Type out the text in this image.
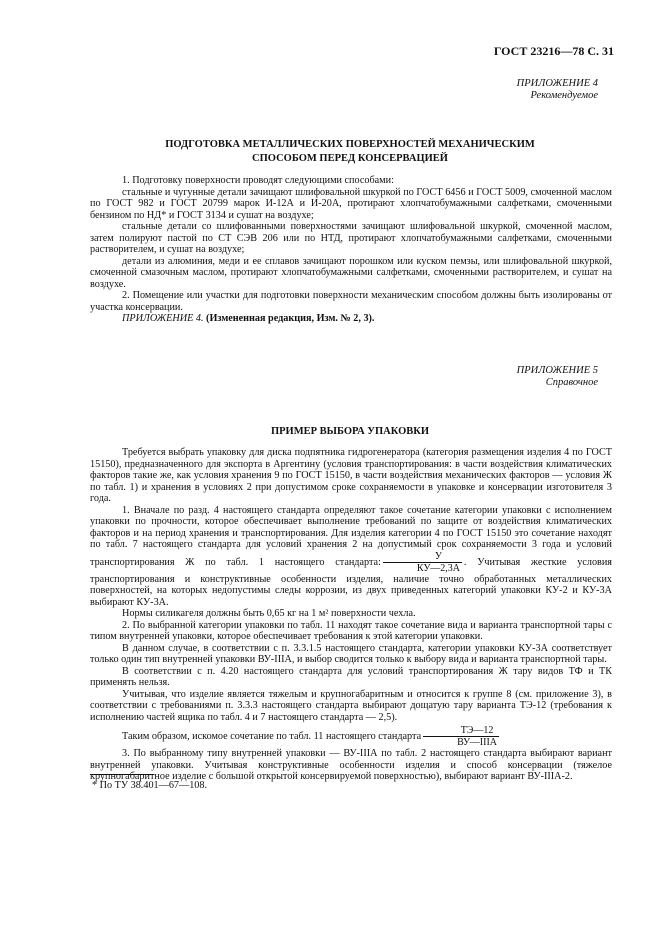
ГОСТ 23216—78 С. 31
ПРИЛОЖЕНИЕ 4
Рекомендуемое
ПОДГОТОВКА МЕТАЛЛИЧЕСКИХ ПОВЕРХНОСТЕЙ МЕХАНИЧЕСКИМ
СПОСОБОМ ПЕРЕД КОНСЕРВАЦИЕЙ

1. Подготовку поверхности проводят следующими способами:

стальные и чугунные детали зачищают шлифовальной шкуркой по ГОСТ 6456 и ГОСТ 5009, смоченной маслом по ГОСТ 982 и ГОСТ 20799 марок И-12А и И-20А, протирают хлопчатобумажными салфетками, смоченными бензином по НД* и ГОСТ 3134 и сушат на воздухе;

стальные детали со шлифованными поверхностями зачищают шлифовальной шкуркой, смоченной маслом, затем полируют пастой по СТ СЭВ 206 или по НТД, протирают хлопчатобумажными салфетками, смоченными растворителем, и сушат на воздухе;

детали из алюминия, меди и ее сплавов зачищают порошком или куском пемзы, или шлифовальной шкуркой, смоченной смазочным маслом, протирают хлопчатобумажными салфетками, смоченными растворителем, и сушат на воздухе.

2. Помещение или участки для подготовки поверхности механическим способом должны быть изолированы от участка консервации.

ПРИЛОЖЕНИЕ 4. (Измененная редакция, Изм. № 2, 3).

ПРИЛОЖЕНИЕ 5
Справочное
ПРИМЕР ВЫБОРА УПАКОВКИ

Требуется выбрать упаковку для диска подпятника гидрогенератора (категория размещения изделия 4 по ГОСТ 15150), предназначенного для экспорта в Аргентину (условия транспортирования: в части воздействия климатических факторов такие же, как условия хранения 9 по ГОСТ 15150, в части воздействия механических факторов — условия Ж по табл. 1) и хранения в условиях 2 при допустимом сроке сохраняемости в упаковке и консервации изготовителя 3 года.

1. Вначале по разд. 4 настоящего стандарта определяют такое сочетание категории упаковки с исполнением упаковки по прочности, которое обеспечивает выполнение требований по защите от воздействия климатических факторов и на период хранения и транспортирования. Для изделия категории 4 по ГОСТ 15150 это сочетание находят по табл. 7 настоящего стандарта для условий хранения 2 на допустимый срок сохраняемости 3 года и условий транспортирования Ж по табл. 1 настоящего стандарта: $\frac{У}{КУ—2,3А}$ . Учитывая жесткие условия транспортирования и конструктивные особенности изделия, наличие точно обработанных металлических поверхностей, на которых недопустимы следы коррозии, из двух приведенных категорий упаковки КУ-2 и КУ-3А выбирают КУ-3А.

Нормы силикагеля должны быть 0,65 кг на 1 м² поверхности чехла.

2. По выбранной категории упаковки по табл. 11 находят такое сочетание вида и варианта транспортной тары с типом внутренней упаковки, которое обеспечивает требования к этой категории упаковки.

В данном случае, в соответствии с п. 3.3.1.5 настоящего стандарта, категории упаковки КУ-3А соответствует только один тип внутренней упаковки ВУ-IIIА, и выбор сводится только к выбору вида и варианта транспортной тары.

В соответствии с п. 4.20 настоящего стандарта для условий транспортирования Ж тару видов ТФ и ТК применять нельзя.

Учитывая, что изделие является тяжелым и крупногабаритным и относится к группе 8 (см. приложение 3), в соответствии с требованиями п. 3.3.3 настоящего стандарта выбирают дощатую тару варианта ТЭ-12 (требования к исполнению частей ящика по табл. 4 и 7 настоящего стандарта — 2,5).

Таким образом, искомое сочетание по табл. 11 настоящего стандарта $\frac{ТЭ—12}{\text{ВУ—IIIА}}$

3. По выбранному типу внутренней упаковки — ВУ-IIIА по табл. 2 настоящего стандарта выбирают вариант внутренней упаковки. Учитывая конструктивные особенности изделия и способ консервации (тяжелое крупногабаритное изделие с большой открытой консервируемой поверхностью), выбирают вариант ВУ-IIIА-2.

* По ТУ 38.401—67—108.
